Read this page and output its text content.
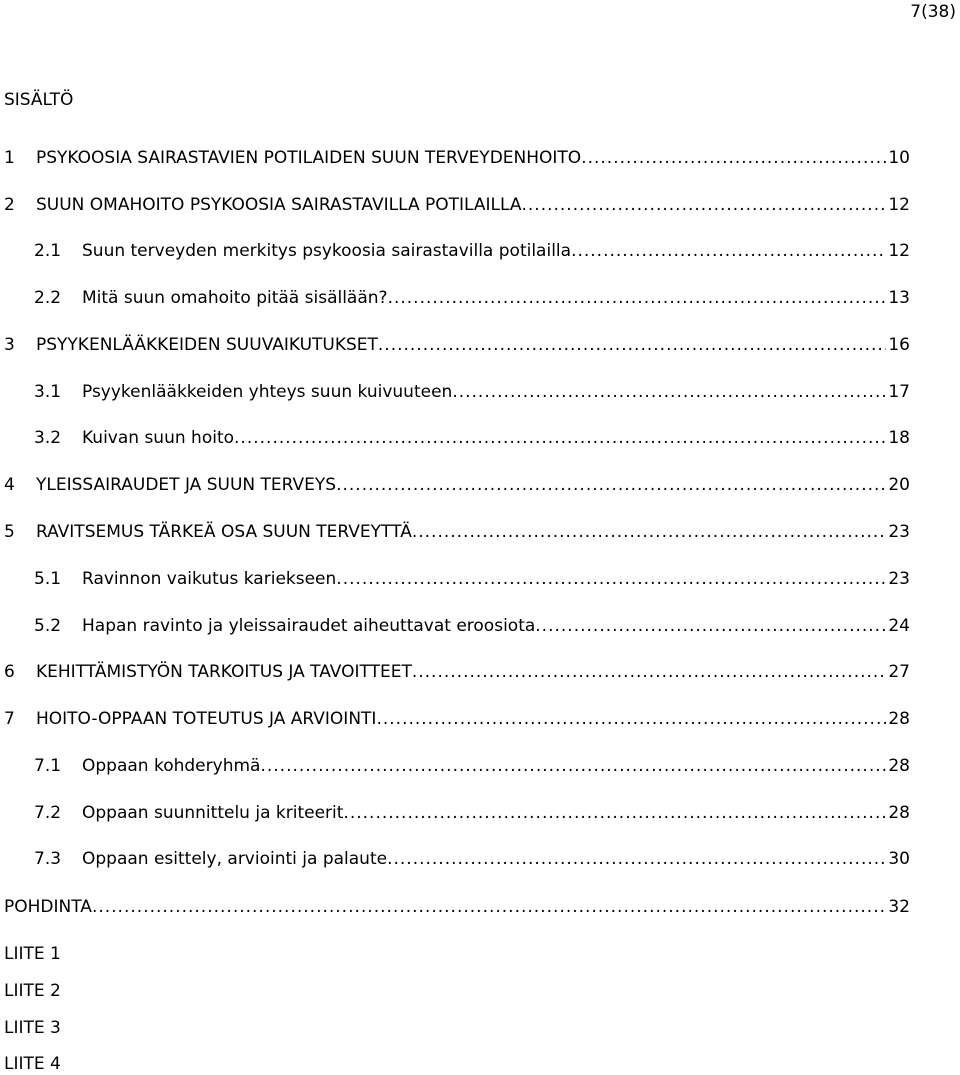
7(38)
SISÄLTÖ
1	PSYKOOSIA SAIRASTAVIEN POTILAIDEN SUUN TERVEYDENHOITO .....	10
2	SUUN OMAHOITO PSYKOOSIA SAIRASTAVILLA POTILAILLA .....	12
2.1	Suun terveyden merkitys psykoosia sairastavilla potilailla .....	12
2.2	Mitä suun omahoito pitää sisällään? .....	13
3	PSYYKENLÄÄKKEIDEN SUUVAIKUTUKSET .....	16
3.1	Psyykenlääkkeiden yhteys suun kuivuuteen .....	17
3.2	Kuivan suun hoito .....	18
4	YLEISSAIRAUDET JA SUUN TERVEYS .....	20
5	RAVITSEMUS TÄRKEÄ OSA SUUN TERVEYTTÄ .....	23
5.1	Ravinnon vaikutus kariekseen .....	23
5.2	Hapan ravinto ja yleissairaudet aiheuttavat eroosiota .....	24
6	KEHITTÄMISTYÖN TARKOITUS JA TAVOITTEET .....	27
7	HOITO-OPPAAN TOTEUTUS JA ARVIOINTI .....	28
7.1	Oppaan kohderyhmä .....	28
7.2	Oppaan suunnittelu ja kriteerit .....	28
7.3	Oppaan esittely, arviointi ja palaute .....	30
POHDINTA .....	32
LIITE 1
LIITE 2
LIITE 3
LIITE 4
